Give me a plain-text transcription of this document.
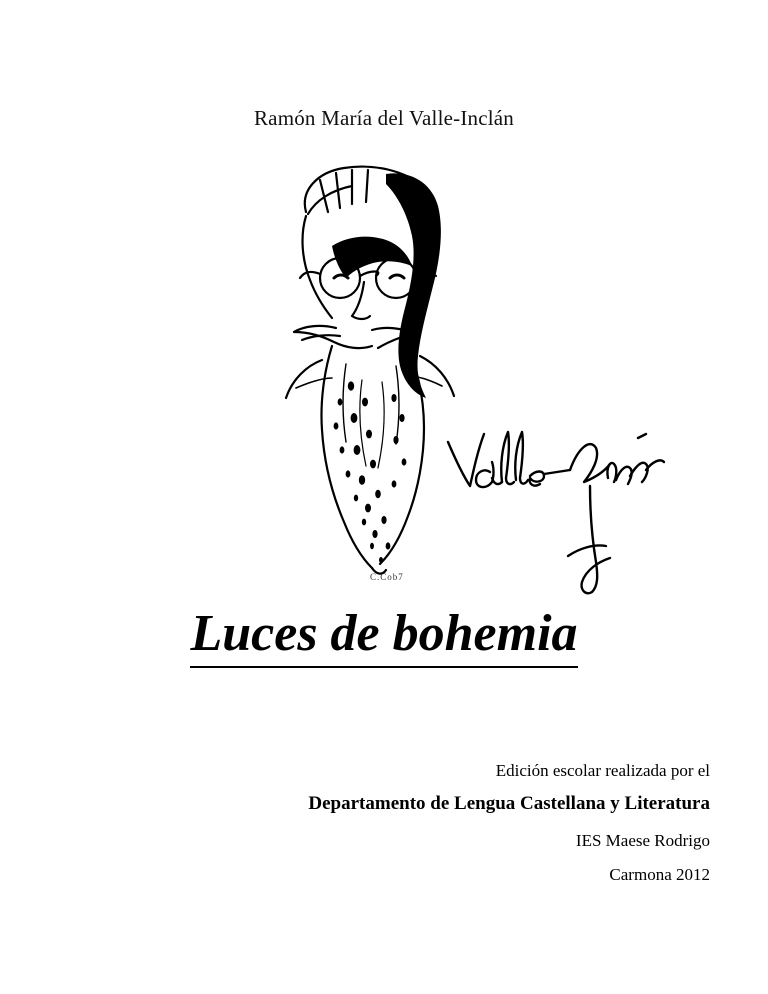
Ramón María del Valle-Inclán
C.Cob7
Luces de bohemia
Edición escolar realizada por el
Departamento de Lengua Castellana y Literatura
IES Maese Rodrigo
Carmona 2012
